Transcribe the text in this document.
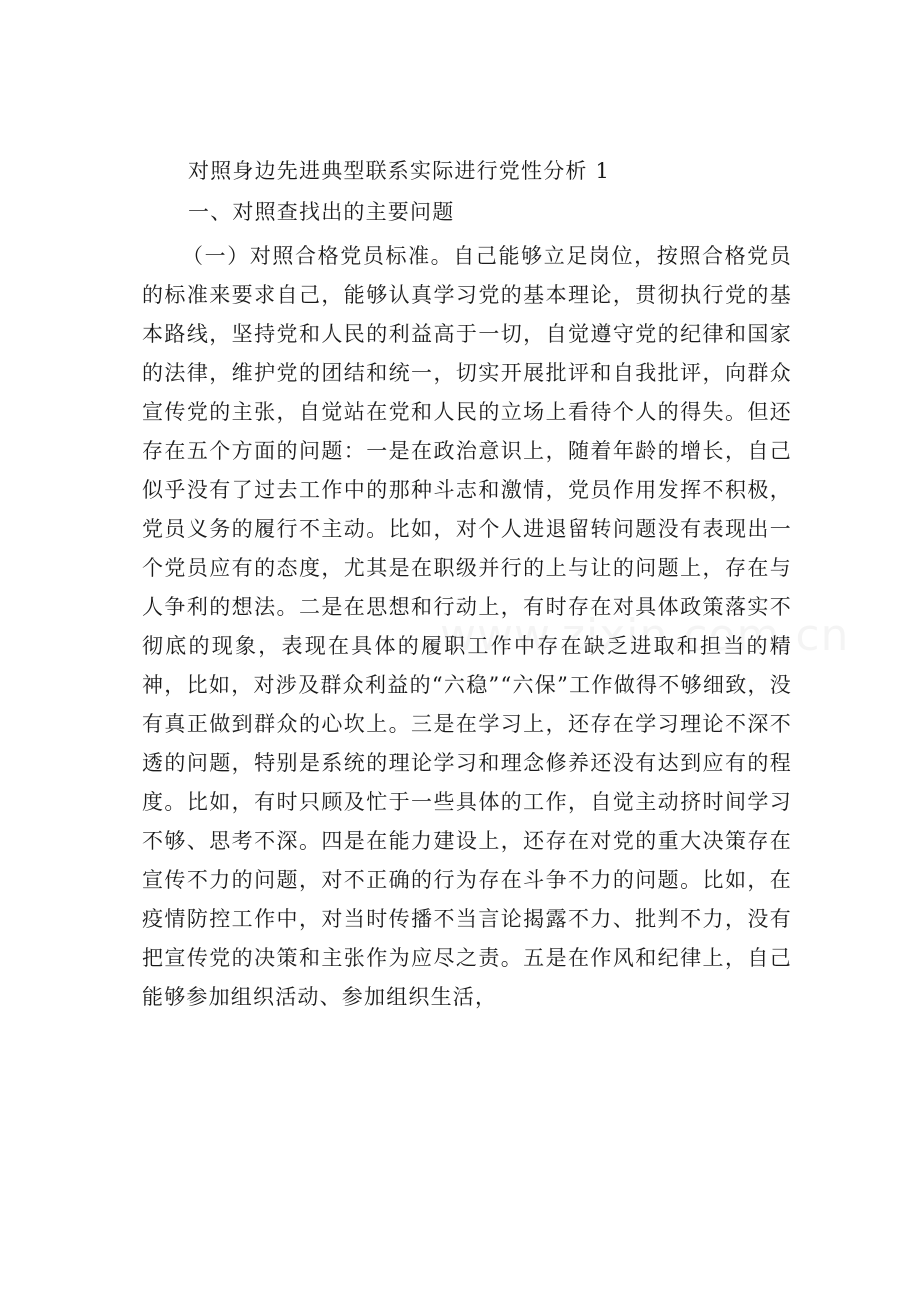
对照身边先进典型联系实际进行党性分析 1
一、对照查找出的主要问题

（一）对照合格党员标准。自己能够立足岗位，按照合格党员的标准来要求自己，能够认真学习党的基本理论，贯彻执行党的基本路线，坚持党和人民的利益高于一切，自觉遵守党的纪律和国家的法律，维护党的团结和统一，切实开展批评和自我批评，向群众宣传党的主张，自觉站在党和人民的立场上看待个人的得失。但还存在五个方面的问题：一是在政治意识上，随着年龄的增长，自己似乎没有了过去工作中的那种斗志和激情，党员作用发挥不积极，党员义务的履行不主动。比如，对个人进退留转问题没有表现出一个党员应有的态度，尤其是在职级并行的上与让的问题上，存在与人争利的想法。二是在思想和行动上，有时存在对具体政策落实不彻底的现象，表现在具体的履职工作中存在缺乏进取和担当的精神，比如，对涉及群众利益的“六稳”“六保”工作做得不够细致，没有真正做到群众的心坎上。三是在学习上，还存在学习理论不深不透的问题，特别是系统的理论学习和理念修养还没有达到应有的程度。比如，有时只顾及忙于一些具体的工作，自觉主动挤时间学习不够、思考不深。四是在能力建设上，还存在对党的重大决策存在宣传不力的问题，对不正确的行为存在斗争不力的问题。比如，在疫情防控工作中，对当时传播不当言论揭露不力、批判不力，没有把宣传党的决策和主张作为应尽之责。五是在作风和纪律上，自己能够参加组织活动、参加组织生活，
